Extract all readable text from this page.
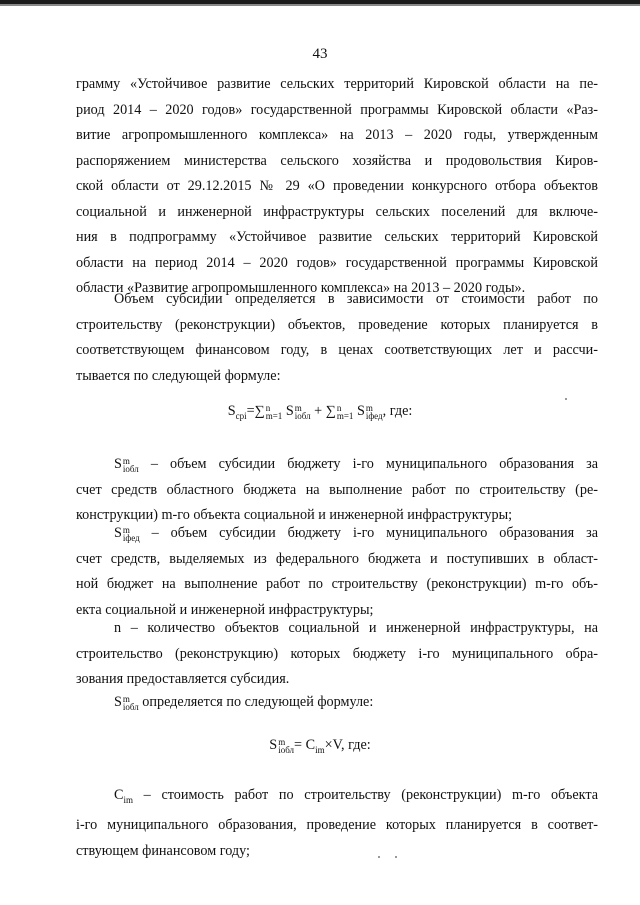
43
грамму «Устойчивое развитие сельских территорий Кировской области на пе-
риод 2014 – 2020 годов» государственной программы Кировской области «Раз-
витие агропромышленного комплекса» на 2013 – 2020 годы, утвержденным
распоряжением министерства сельского хозяйства и продовольствия Киров-
ской области от 29.12.2015 № 29 «О проведении конкурсного отбора объектов
социальной и инженерной инфраструктуры сельских поселений для включе-
ния в подпрограмму «Устойчивое развитие сельских территорий Кировской
области на период 2014 – 2020 годов» государственной программы Кировской
области «Развитие агропромышленного комплекса» на 2013 – 2020 годы».
Объем субсидии определяется в зависимости от стоимости работ по
строительству (реконструкции) объектов, проведение которых планируется в
соответствующем финансовом году, в ценах соответствующих лет и рассчи-
тывается по следующей формуле:
$S_{cpi}=\sum$ n
m=1 S m
iобл + ∑ n
m=1 S m
iфед , где:
S m
iобл – объем субсидии бюджету i-го муниципального образования за
счет средств областного бюджета на выполнение работ по строительству (ре-
конструкции) m-го объекта социальной и инженерной инфраструктуры;
S m
iфед – объем субсидии бюджету i-го муниципального образования за
счет средств, выделяемых из федерального бюджета и поступивших в област-
ной бюджет на выполнение работ по строительству (реконструкции) m-го объ-
екта социальной и инженерной инфраструктуры;
n – количество объектов социальной и инженерной инфраструктуры, на
строительство (реконструкцию) которых бюджету i-го муниципального обра-
зования предоставляется субсидия.
S m
iобл определяется по следующей формуле:
S m
iобл = $C_{im}\times V$, где:
$C_{im}$ – стоимость работ по строительству (реконструкции) m-го объекта
i-го муниципального образования, проведение которых планируется в соответ-
ствующем финансовом году;
